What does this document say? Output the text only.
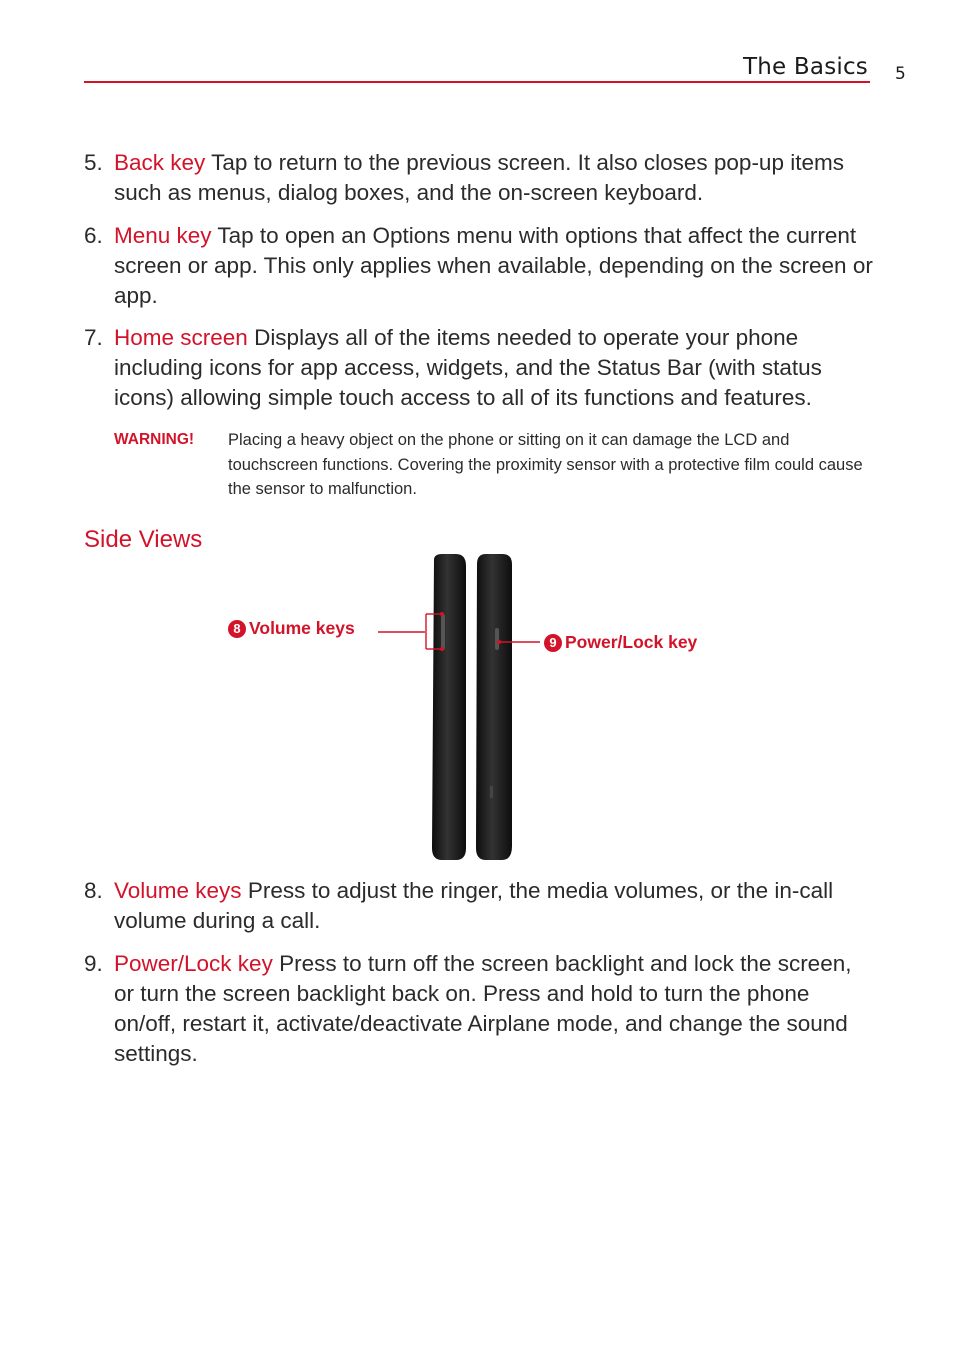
The Basics 5
5. Back key Tap to return to the previous screen. It also closes pop-up items such as menus, dialog boxes, and the on-screen keyboard.
6. Menu key Tap to open an Options menu with options that affect the current screen or app. This only applies when available, depending on the screen or app.
7. Home screen Displays all of the items needed to operate your phone including icons for app access, widgets, and the Status Bar (with status icons) allowing simple touch access to all of its functions and features.
WARNING! Placing a heavy object on the phone or sitting on it can damage the LCD and touchscreen functions. Covering the proximity sensor with a protective film could cause the sensor to malfunction.
Side Views
8 Volume keys
9 Power/Lock key
8. Volume keys Press to adjust the ringer, the media volumes, or the in-call volume during a call.
9. Power/Lock key Press to turn off the screen backlight and lock the screen, or turn the screen backlight back on. Press and hold to turn the phone on/off, restart it, activate/deactivate Airplane mode, and change the sound settings.
